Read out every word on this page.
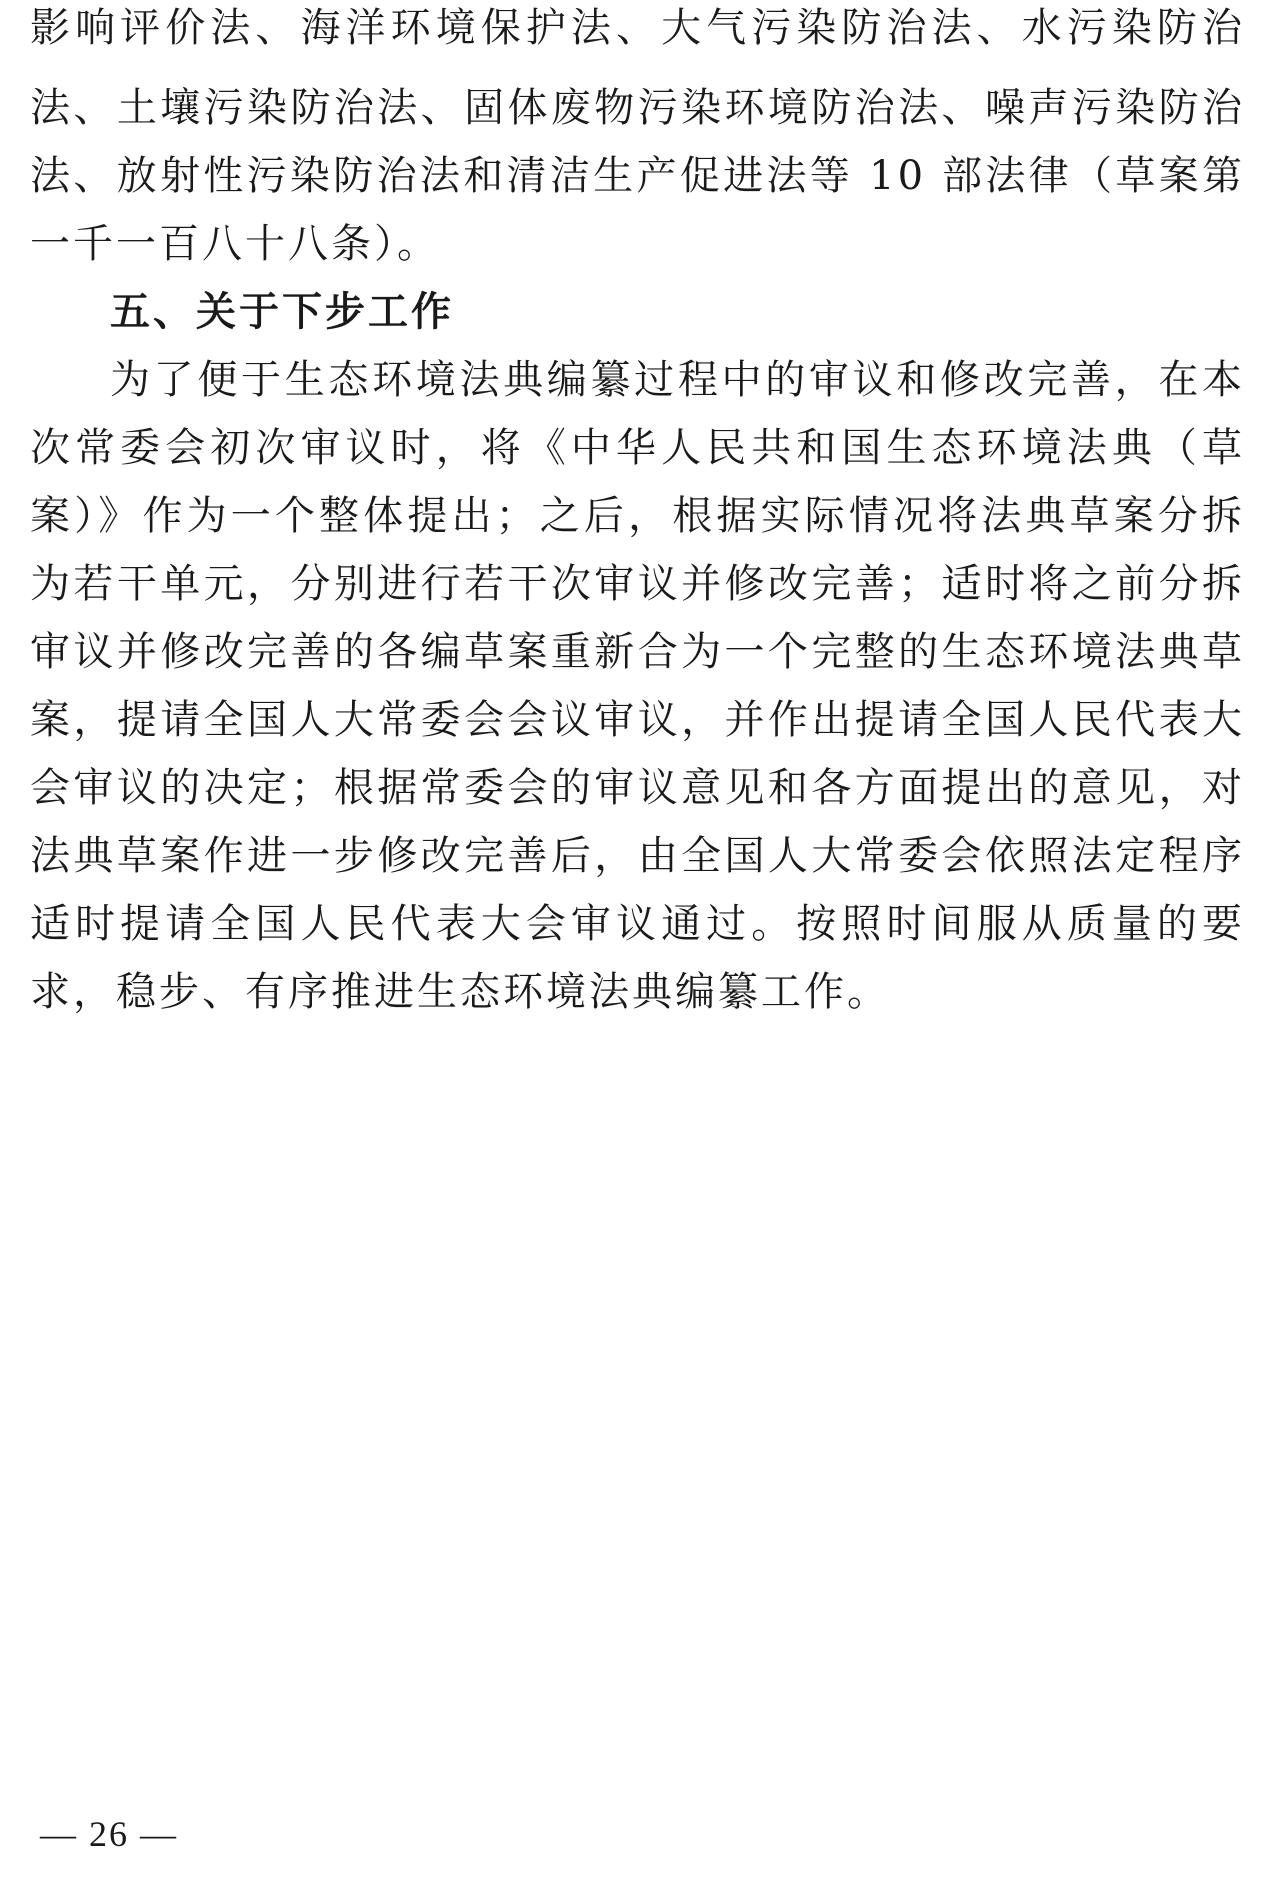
影响评价法、海洋环境保护法、大气污染防治法、水污染防治
法、土壤污染防治法、固体废物污染环境防治法、噪声污染防治
法、放射性污染防治法和清洁生产促进法等 10 部法律（草案第
一千一百八十八条）。
五、关于下步工作
为了便于生态环境法典编纂过程中的审议和修改完善，在本
次常委会初次审议时，将《中华人民共和国生态环境法典（草
案）》作为一个整体提出；之后，根据实际情况将法典草案分拆
为若干单元，分别进行若干次审议并修改完善；适时将之前分拆
审议并修改完善的各编草案重新合为一个完整的生态环境法典草
案，提请全国人大常委会会议审议，并作出提请全国人民代表大
会审议的决定；根据常委会的审议意见和各方面提出的意见，对
法典草案作进一步修改完善后，由全国人大常委会依照法定程序
适时提请全国人民代表大会审议通过。按照时间服从质量的要
求，稳步、有序推进生态环境法典编纂工作。
— 26 —
